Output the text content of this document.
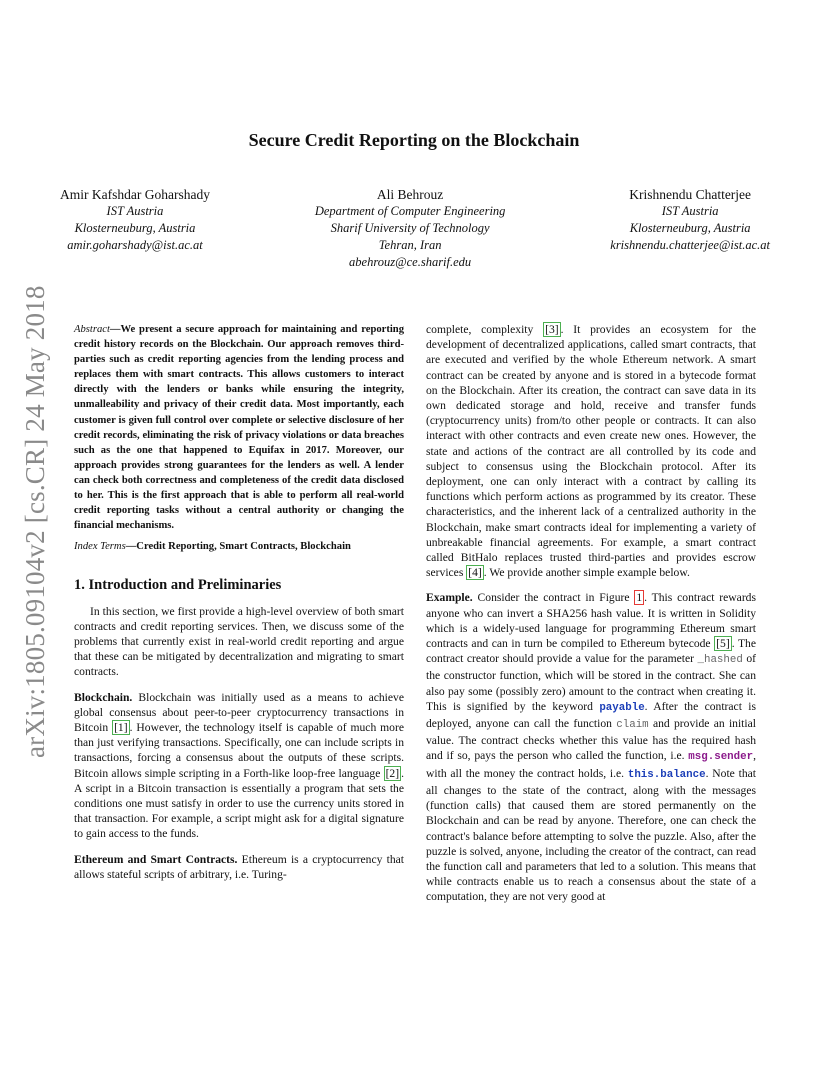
arXiv:1805.09104v2 [cs.CR] 24 May 2018
Secure Credit Reporting on the Blockchain
Amir Kafshdar Goharshady
IST Austria
Klosterneuburg, Austria
amir.goharshady@ist.ac.at
Ali Behrouz
Department of Computer Engineering
Sharif University of Technology
Tehran, Iran
abehrouz@ce.sharif.edu
Krishnendu Chatterjee
IST Austria
Klosterneuburg, Austria
krishnendu.chatterjee@ist.ac.at

Abstract—We present a secure approach for maintaining and reporting credit history records on the Blockchain. Our approach removes third-parties such as credit reporting agencies from the lending process and replaces them with smart contracts. This allows customers to interact directly with the lenders or banks while ensuring the integrity, unmalleability and privacy of their credit data. Most importantly, each customer is given full control over complete or selective disclosure of her credit records, eliminating the risk of privacy violations or data breaches such as the one that happened to Equifax in 2017. Moreover, our approach provides strong guarantees for the lenders as well. A lender can check both correctness and completeness of the credit data disclosed to her. This is the first approach that is able to perform all real-world credit reporting tasks without a central authority or changing the financial mechanisms.

Index Terms—Credit Reporting, Smart Contracts, Blockchain

1. Introduction and Preliminaries

In this section, we first provide a high-level overview of both smart contracts and credit reporting services. Then, we discuss some of the problems that currently exist in real-world credit reporting and argue that these can be mitigated by decentralization and migrating to smart contracts.

Blockchain. Blockchain was initially used as a means to achieve global consensus about peer-to-peer cryptocurrency transactions in Bitcoin [1] . However, the technology itself is capable of much more than just verifying transactions. Specifically, one can include scripts in transactions, forcing a consensus about the outputs of these scripts. Bitcoin allows simple scripting in a Forth-like loop-free language [2] . A script in a Bitcoin transaction is essentially a program that sets the conditions one must satisfy in order to use the currency units stored in that transaction. For example, a script might ask for a digital signature to gain access to the funds.

Ethereum and Smart Contracts. Ethereum is a cryptocurrency that allows stateful scripts of arbitrary, i.e. Turing-

complete, complexity [3] . It provides an ecosystem for the development of decentralized applications, called smart contracts, that are executed and verified by the whole Ethereum network. A smart contract can be created by anyone and is stored in a bytecode format on the Blockchain. After its creation, the contract can save data in its own dedicated storage and hold, receive and transfer funds (cryptocurrency units) from/to other people or contracts. It can also interact with other contracts and even create new ones. However, the state and actions of the contract are all controlled by its code and subject to consensus using the Blockchain protocol. After its deployment, one can only interact with a contract by calling its functions which perform actions as programmed by its creator. These characteristics, and the inherent lack of a centralized authority in the Blockchain, make smart contracts ideal for implementing a variety of unbreakable financial agreements. For example, a smart contract called BitHalo replaces trusted third-parties and provides escrow services [4] . We provide another simple example below.

Example. Consider the contract in Figure 1 . This contract rewards anyone who can invert a SHA256 hash value. It is written in Solidity which is a widely-used language for programming Ethereum smart contracts and can in turn be compiled to Ethereum bytecode [5] . The contract creator should provide a value for the parameter _hashed of the constructor function, which will be stored in the contract. She can also pay some (possibly zero) amount to the contract when creating it. This is signified by the keyword payable. After the contract is deployed, anyone can call the function claim and provide an initial value. The contract checks whether this value has the required hash and if so, pays the person who called the function, i.e. msg.sender, with all the money the contract holds, i.e. this.balance. Note that all changes to the state of the contract, along with the messages (function calls) that caused them are stored permanently on the Blockchain and can be read by anyone. Therefore, one can check the contract's balance before attempting to solve the puzzle. Also, after the puzzle is solved, anyone, including the creator of the contract, can read the function call and parameters that led to a solution. This means that while contracts enable us to reach a consensus about the state of a computation, they are not very good at
